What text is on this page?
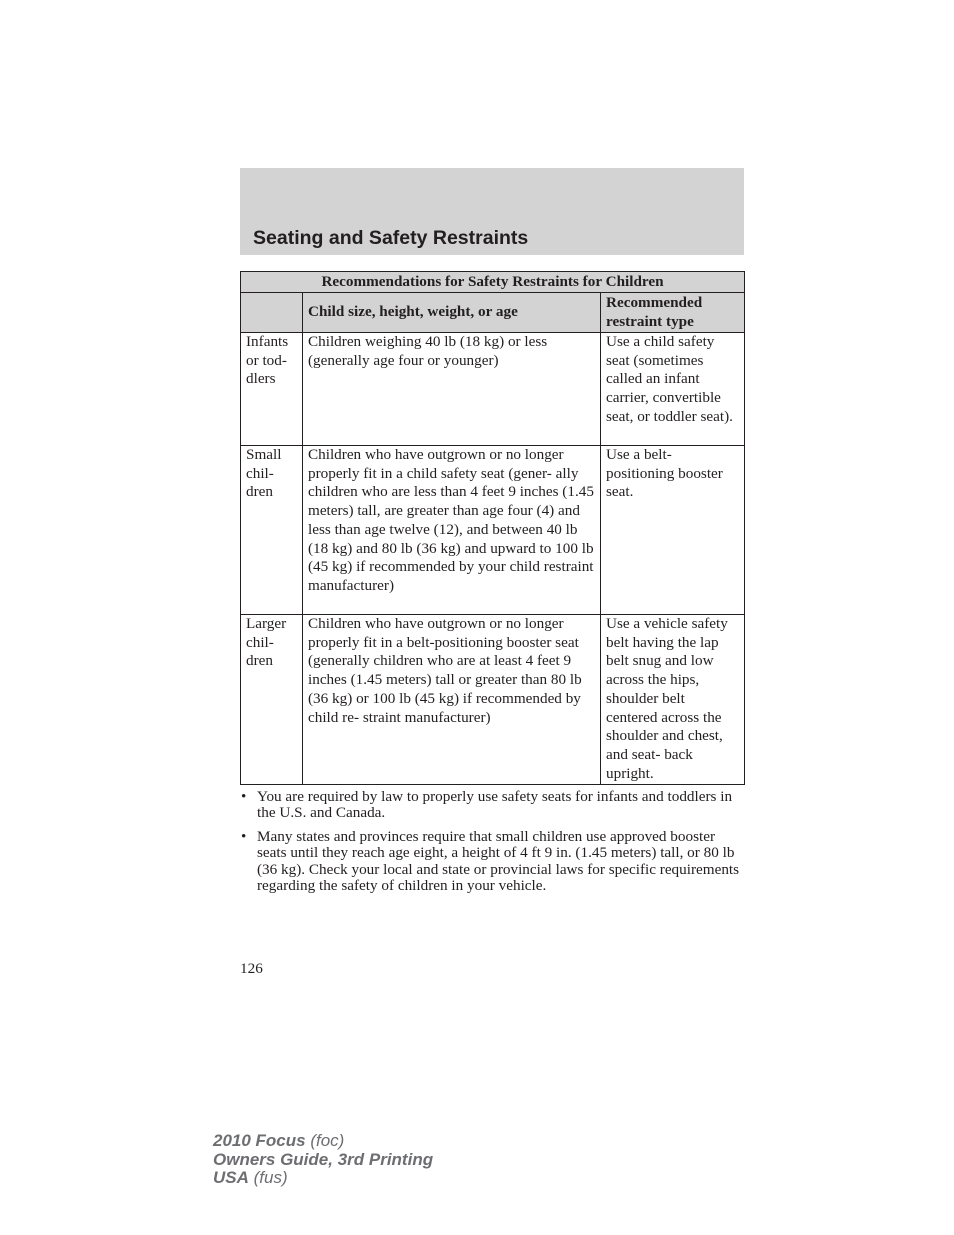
Seating and Safety Restraints
Recommendations for Safety Restraints for Children		
	Child size, height, weight, or age	Recommended restraint type

Infants or tod- dlers	Children weighing 40 lb (18 kg) or less (generally age four or younger)	Use a child safety seat (sometimes called an infant carrier, convertible seat, or toddler seat).

Small chil- dren	Children who have outgrown or no longer properly fit in a child safety seat (gener- ally children who are less than 4 feet 9 inches (1.45 meters) tall, are greater than age four (4) and less than age twelve (12), and between 40 lb (18 kg) and 80 lb (36 kg) and upward to 100 lb (45 kg) if recommended by your child restraint manufacturer)	Use a belt- positioning booster seat.

Larger chil- dren	Children who have outgrown or no longer properly fit in a belt-positioning booster seat (generally children who are at least 4 feet 9 inches (1.45 meters) tall or greater than 80 lb (36 kg) or 100 lb (45 kg) if recommended by child re- straint manufacturer)	Use a vehicle safety belt having the lap belt snug and low across the hips, shoulder belt centered across the shoulder and chest, and seat- back upright.
• You are required by law to properly use safety seats for infants and toddlers in the U.S. and Canada.
• Many states and provinces require that small children use approved booster seats until they reach age eight, a height of 4 ft 9 in. (1.45 meters) tall, or 80 lb (36 kg). Check your local and state or provincial laws for specific requirements regarding the safety of children in your vehicle.
126
2010 Focus (foc)
Owners Guide, 3rd Printing
USA (fus)
